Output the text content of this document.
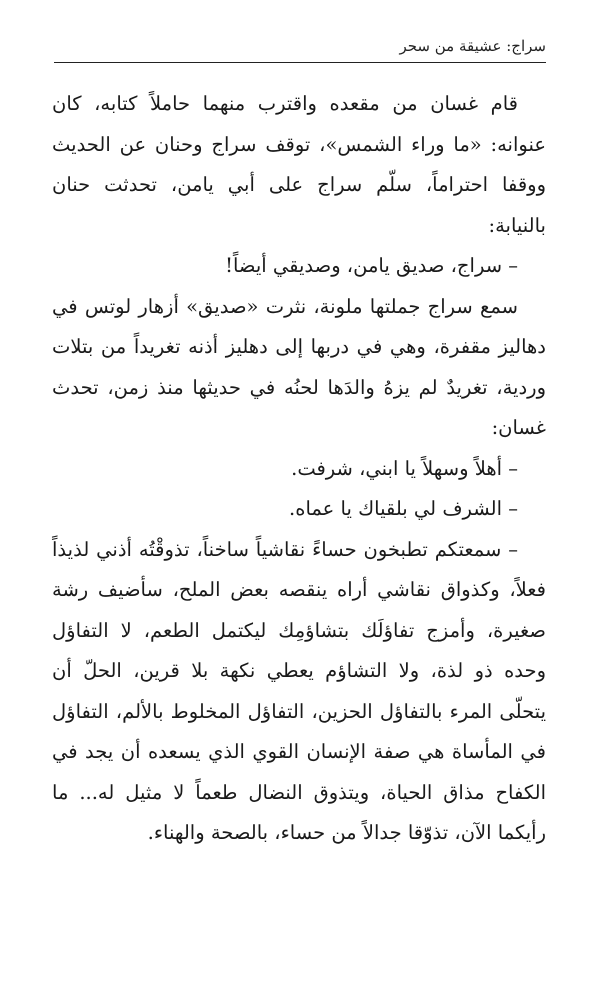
سراج: عشيقة من سحر

قام غسان من مقعده واقترب منهما حاملاً كتابه، كان عنوانه: «ما وراء الشمس»، توقف سراج وحنان عن الحديث ووقفا احتراماً، سلّم سراج على أبي يامن، تحدثت حنان بالنيابة:

– سراج، صديق يامن، وصديقي أيضاً!

سمع سراج جملتها ملونة، نثرت «صديق» أزهار لوتس في دهاليز مقفرة، وهي في دربها إلى دهليز أذنه تغريداً من بتلات وردية، تغريدٌ لم يزهُ والدَها لحنُه في حديثها منذ زمن، تحدث غسان:

– أهلاً وسهلاً يا ابني، شرفت.

– الشرف لي بلقياك يا عماه.

– سمعتكم تطبخون حساءً نقاشياً ساخناً، تذوقْتُه أذني لذيذاً فعلاً، وكذواق نقاشي أراه ينقصه بعض الملح، سأضيف رشة صغيرة، وأمزج تفاؤلَك بتشاؤمِك ليكتمل الطعم، لا التفاؤل وحده ذو لذة، ولا التشاؤم يعطي نكهة بلا قرين، الحلّ أن يتحلّى المرء بالتفاؤل الحزين، التفاؤل المخلوط بالألم، التفاؤل في المأساة هي صفة الإنسان القوي الذي يسعده أن يجد في الكفاح مذاق الحياة، ويتذوق النضال طعماً لا مثيل له... ما رأيكما الآن، تذوّقا جدالاً من حساء، بالصحة والهناء.
